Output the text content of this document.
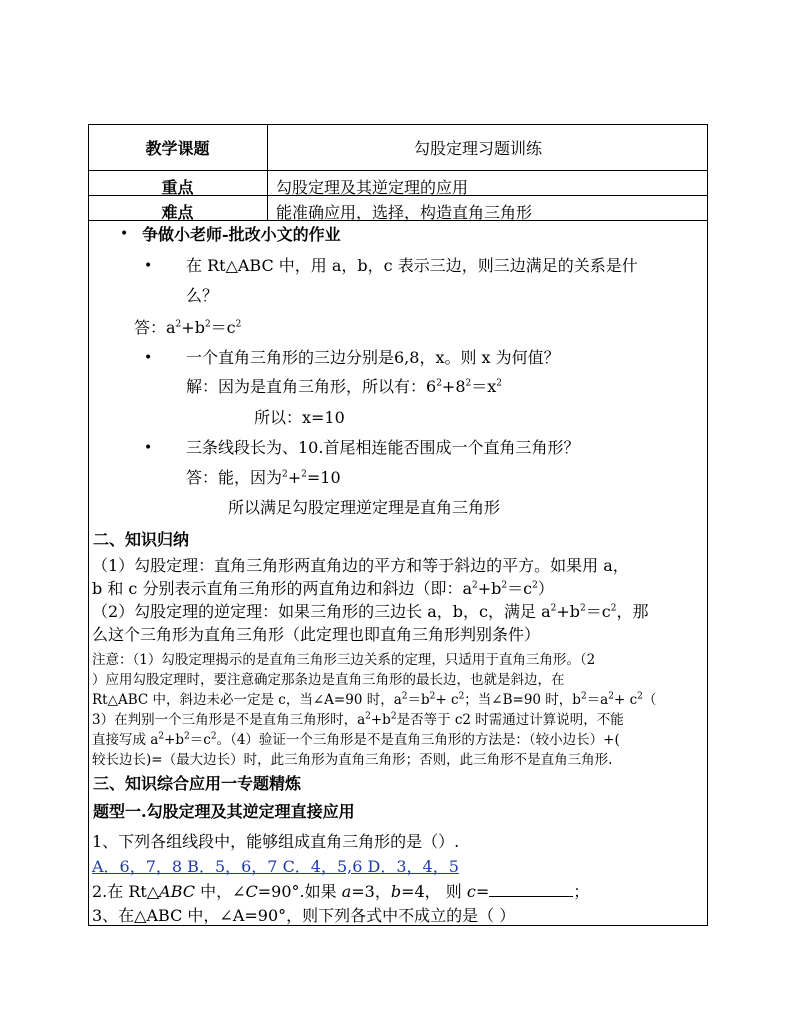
教学课题	勾股定理习题训练
重点	勾股定理及其逆定理的应用
难点	能准确应用，选择，构造直角三角形
• 争做小老师-批改小文的作业
• 在 Rt△ABC 中，用 a，b，c 表示三边，则三边满足的关系是什
么？
答：$a^2+b^2=c^2$
• 一个直角三角形的三边分别是6,8，x。则 x 为何值？
解：因为是直角三角形，所以有：$6^2+8^2=x^2$
所以：x=10
• 三条线段长为、10.首尾相连能否围成一个直角三角形？
答：能，因为$^2$+$^2$=10
所以满足勾股定理逆定理是直角三角形
二、知识归纳
（1）勾股定理：直角三角形两直角边的平方和等于斜边的平方。如果用 a，
b 和 c 分别表示直角三角形的两直角边和斜边（即：$a^2+b^2=c^2$）
（2）勾股定理的逆定理：如果三角形的三边长 a，b，c，满足 $a^2+b^2=c^2$，那
么这个三角形为直角三角形（此定理也即直角三角形判别条件）
注意：（1）勾股定理揭示的是直角三角形三边关系的定理，只适用于直角三角形。（2
）应用勾股定理时，要注意确定那条边是直角三角形的最长边，也就是斜边，在
Rt△ABC 中，斜边未必一定是 c，当∠A=90 时，$a^2=b^2+ c^2$；当∠B=90 时，$b^2=a^2+ c^2$（
3）在判别一个三角形是不是直角三角形时，$a^2+b^2$是否等于 c2 时需通过计算说明，不能
直接写成 $a^2+b^2=c^2$。（4）验证一个三角形是不是直角三角形的方法是：（较小边长）+(
较长边长)=（最大边长）时，此三角形为直角三角形；否则，此三角形不是直角三角形.
三、知识综合应用一专题精炼
题型一.勾股定理及其逆定理直接应用
1、下列各组线段中，能够组成直角三角形的是（）.
A．6，7，8 B．5，6，7 C．4，5,6 D．3，4，5
2.在 Rt△ABC 中，∠C=90°.如果 a=3，b=4， 则 c=	；
3、在△ABC 中，∠A=90°，则下列各式中不成立的是（ ）
